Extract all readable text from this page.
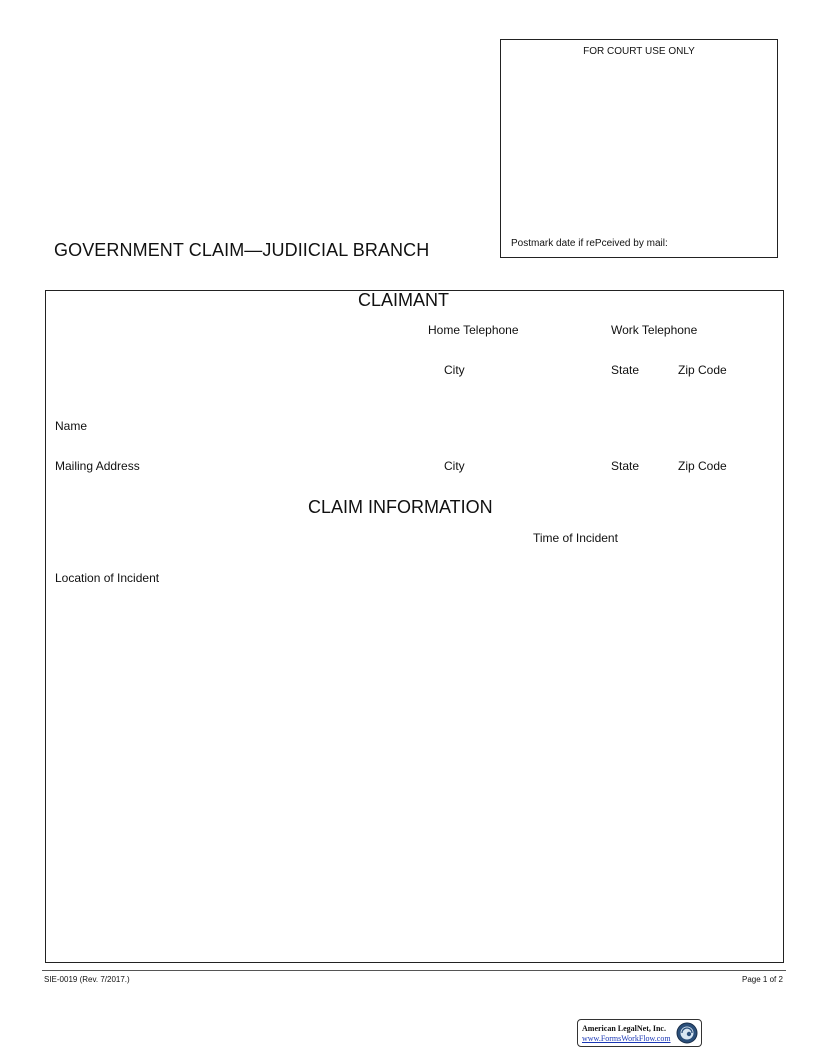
FOR COURT USE ONLY
Postmark date if rePceived by mail:
GOVERNMENT CLAIM—JUDIICIAL BRANCH
CLAIMANT
Home Telephone	Work Telephone
City	State	Zip Code
Name
Mailing Address	City	State	Zip Code
CLAIM INFORMATION
Time of Incident
Location of Incident
SIE-0019 (Rev. 7/2017.)	Page 1 of 2
American LegalNet, Inc.
www.FormsWorkFlow.com
